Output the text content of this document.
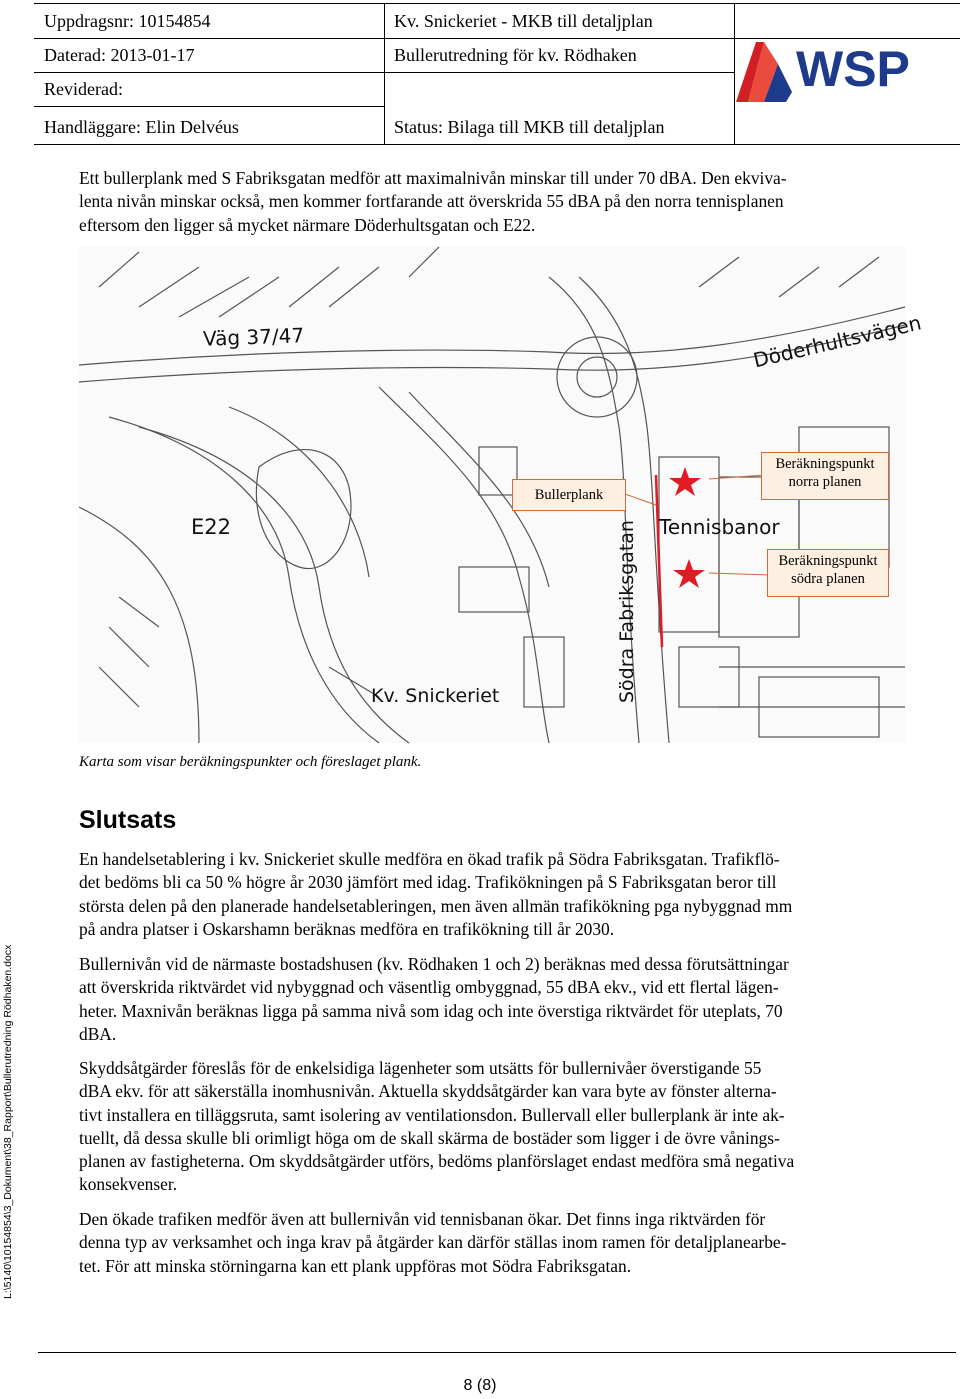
Uppdragsnr: 10154854
Daterad: 2013-01-17
Reviderad:
Handläggare: Elin Delvéus
Kv. Snickeriet - MKB till detaljplan
Bullerutredning för kv. Rödhaken
Status: Bilaga till MKB till detaljplan
WSP

Ett bullerplank med S Fabriksgatan medför att maximalnivån minskar till under 70 dBA. Den ekviva-

lenta nivån minskar också, men kommer fortfarande att överskrida 55 dBA på den norra tennisplanen

eftersom den ligger så mycket närmare Döderhultsgatan och E22.

Väg 37/47	Döderhultsvägen
E22	Tennisbanor
Södra Fabriksgatan
Kv. Snickeriet
Bullerplank
Beräkningspunkt
norra planen
Beräkningspunkt
södra planen
Karta som visar beräkningspunkter och föreslaget plank.
Slutsats

En handelsetablering i kv. Snickeriet skulle medföra en ökad trafik på Södra Fabriksgatan. Trafikflö-

det bedöms bli ca 50 % högre år 2030 jämfört med idag. Trafikökningen på S Fabriksgatan beror till

största delen på den planerade handelsetableringen, men även allmän trafikökning pga nybyggnad mm

på andra platser i Oskarshamn beräknas medföra en trafikökning till år 2030.

Bullernivån vid de närmaste bostadshusen (kv. Rödhaken 1 och 2) beräknas med dessa förutsättningar

att överskrida riktvärdet vid nybyggnad och väsentlig ombyggnad, 55 dBA ekv., vid ett flertal lägen-

heter. Maxnivån beräknas ligga på samma nivå som idag och inte överstiga riktvärdet för uteplats, 70

dBA.

Skyddsåtgärder föreslås för de enkelsidiga lägenheter som utsätts för bullernivåer överstigande 55

dBA ekv. för att säkerställa inomhusnivån. Aktuella skyddsåtgärder kan vara byte av fönster alterna-

tivt installera en tilläggsruta, samt isolering av ventilationsdon. Bullervall eller bullerplank är inte ak-

tuellt, då dessa skulle bli orimligt höga om de skall skärma de bostäder som ligger i de övre vånings-

planen av fastigheterna. Om skyddsåtgärder utförs, bedöms planförslaget endast medföra små negativa

konsekvenser.

Den ökade trafiken medför även att bullernivån vid tennisbanan ökar. Det finns inga riktvärden för

denna typ av verksamhet och inga krav på åtgärder kan därför ställas inom ramen för detaljplanearbe-

tet. För att minska störningarna kan ett plank uppföras mot Södra Fabriksgatan.

L:\5140\10154854\3_Dokument\38_Rapport\Bullerutredning Rödhaken.docx
8 (8)
